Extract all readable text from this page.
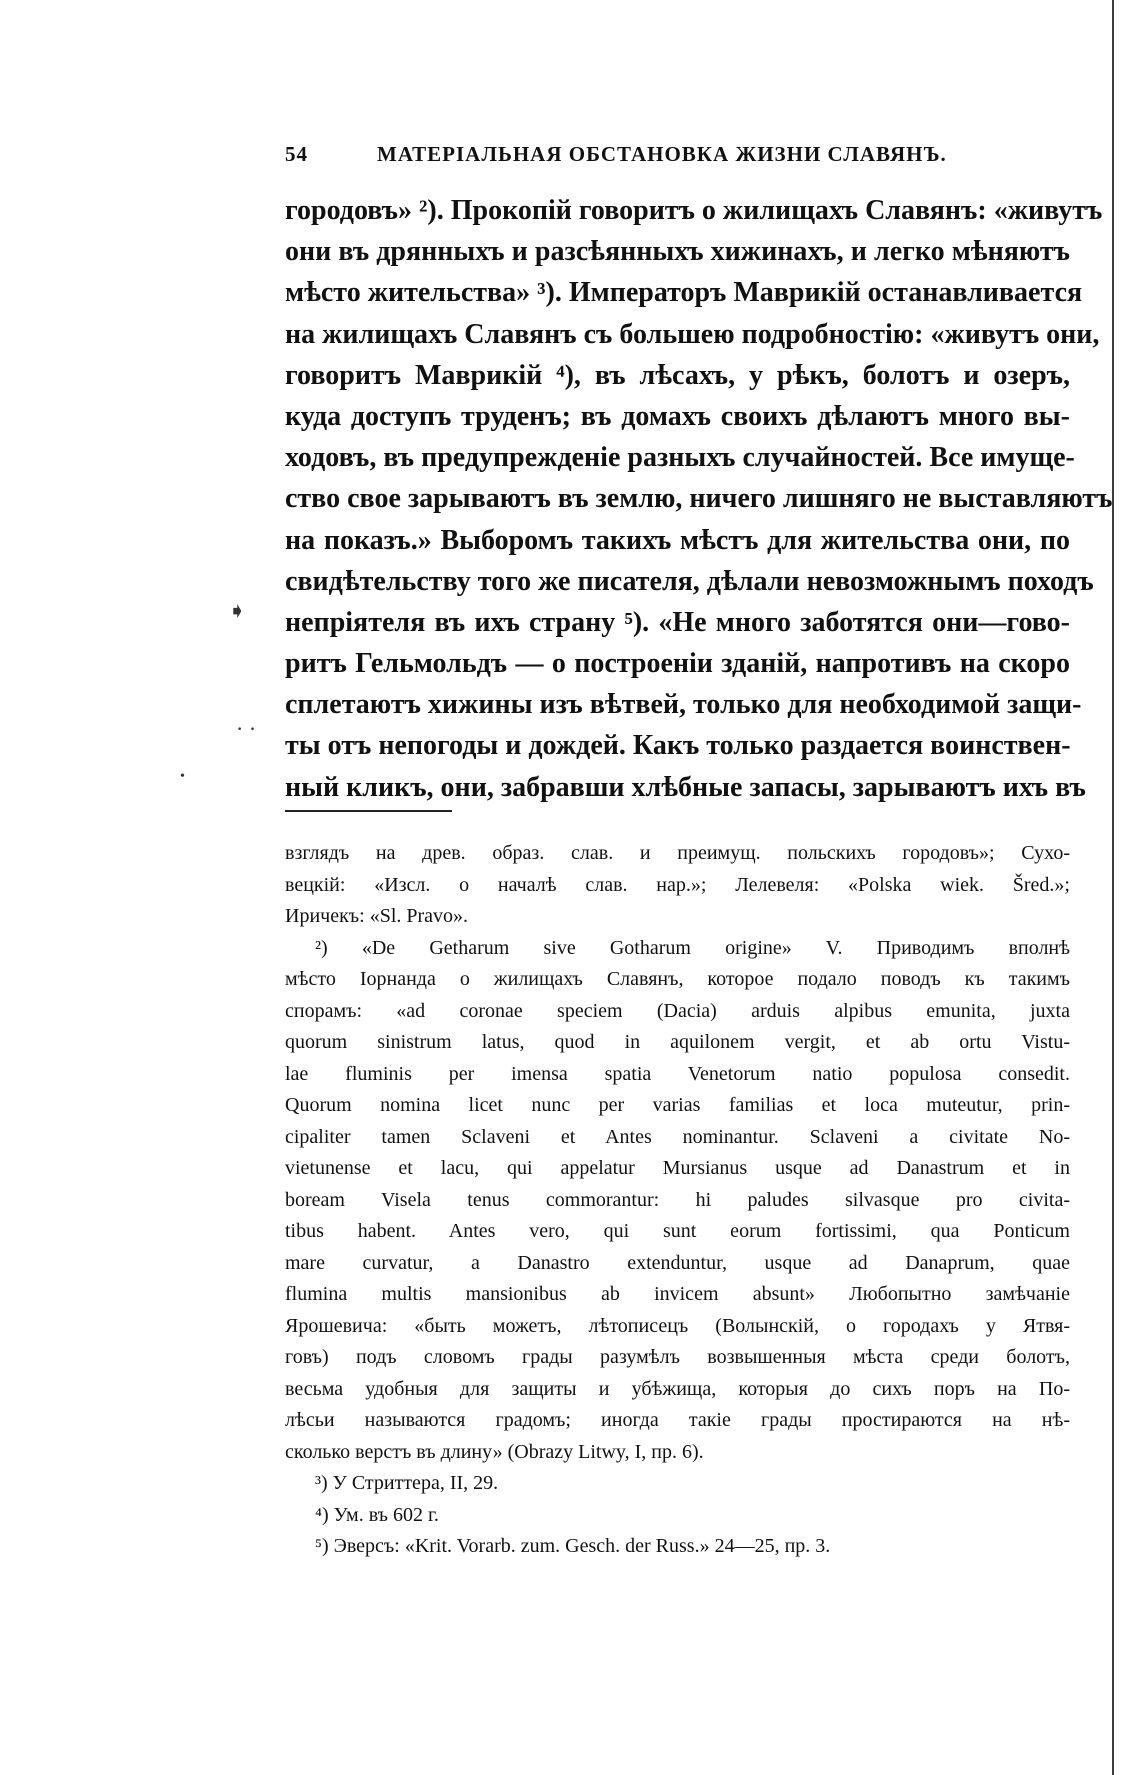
54	МАТЕРIАЛЬНАЯ ОБСТАНОВКА ЖИЗНИ СЛАВЯНЪ.
городовъ» ²). Прокопій говоритъ о жилищахъ Славянъ: «живутъ
они въ дрянныхъ и разсѣянныхъ хижинахъ, и легко мѣняютъ
мѣсто жительства» ³). Императоръ Маврикій останавливается
на жилищахъ Славянъ съ большею подробностію: «живутъ они,
говоритъ Маврикій ⁴), въ лѣсахъ, у рѣкъ, болотъ и озеръ,
куда доступъ труденъ; въ домахъ своихъ дѣлаютъ много вы-
ходовъ, въ предупрежденіе разныхъ случайностей. Все имуще-
ство свое зарываютъ въ землю, ничего лишняго не выставляютъ
на показъ.» Выборомъ такихъ мѣстъ для жительства они, по
свидѣтельству того же писателя, дѣлали невозможнымъ походъ
непріятеля въ ихъ страну ⁵). «Не много заботятся они—гово-
ритъ Гельмольдъ — о построеніи зданій, напротивъ на скоро
сплетаютъ хижины изъ вѣтвей, только для необходимой защи-
ты отъ непогоды и дождей. Какъ только раздается воинствен-
ный кликъ, они, забравши хлѣбные запасы, зарываютъ ихъ въ
взглядъ на древ. образ. слав. и преимущ. польскихъ городовъ»; Сухо-
вецкій: «Изсл. о началѣ слав. нар.»; Лелевеля: «Polska wiek. Šred.»;
Иричекъ: «Sl. Pravo».
²) «De Getharum sive Gotharum origine» V. Приводимъ вполнѣ
мѣсто Іорнанда о жилищахъ Славянъ, которое подало поводъ къ такимъ
спорамъ: «ad coronae speciem (Dacia) arduis alpibus emunita, juxta
quorum sinistrum latus, quod in aquilonem vergit, et ab ortu Vistu-
lae fluminis per imensa spatia Venetorum natio populosa consedit.
Quorum nomina licet nunc per varias familias et loca muteutur, prin-
cipaliter tamen Sclaveni et Antes nominantur. Sclaveni a civitate No-
vietunense et lacu, qui appelatur Mursianus usque ad Danastrum et in
boream Visela tenus commorantur: hi paludes silvasque pro civita-
tibus habent. Antes vero, qui sunt eorum fortissimi, qua Ponticum
mare curvatur, a Danastro extenduntur, usque ad Danaprum, quae
flumina multis mansionibus ab invicem absunt» Любопытно замѣчаніе
Ярошевича: «быть можетъ, лѣтописецъ (Волынскій, о городахъ у Ятвя-
говъ) подъ словомъ грады разумѣлъ возвышенныя мѣста среди болотъ,
весьма удобныя для защиты и убѣжища, которыя до сихъ поръ на По-
лѣсьи называются градомъ; иногда такіе грады простираются на нѣ-
сколько верстъ въ длину» (Obrazy Litwy, I, пр. 6).
³) У Стриттера, II, 29.
⁴) Ум. въ 602 г.
⁵) Эверсъ: «Krit. Vorarb. zum. Gesch. der Russ.» 24—25, пр. 3.
➧
· ·
•
